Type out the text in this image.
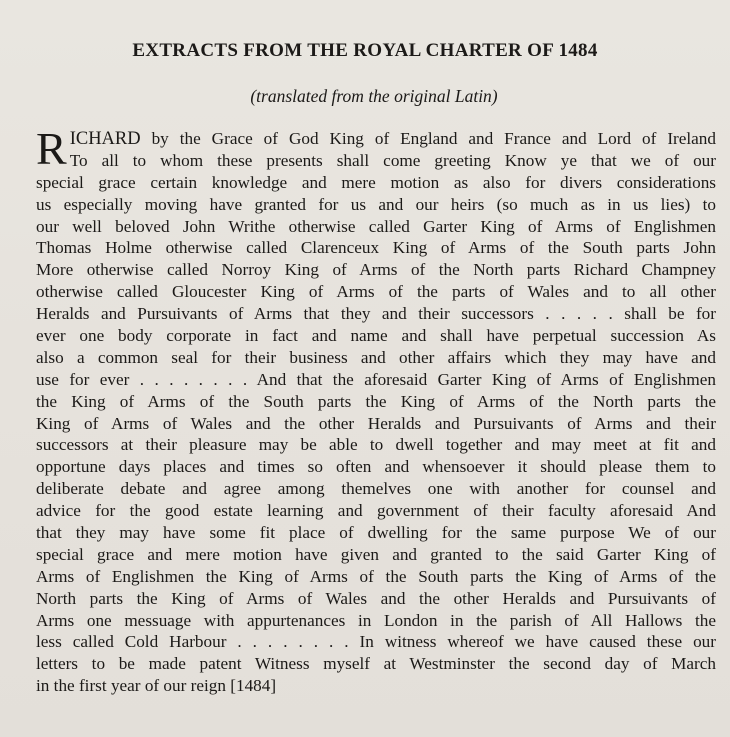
EXTRACTS FROM THE ROYAL CHARTER OF 1484
(translated from the original Latin)
R ICHARD by the Grace of God King of England and France and Lord of Ireland
To all to whom these presents shall come greeting Know ye that we of our
special grace certain knowledge and mere motion as also for divers considerations
us especially moving have granted for us and our heirs (so much as in us lies) to
our well beloved John Writhe otherwise called Garter King of Arms of Englishmen
Thomas Holme otherwise called Clarenceux King of Arms of the South parts John
More otherwise called Norroy King of Arms of the North parts Richard Champney
otherwise called Gloucester King of Arms of the parts of Wales and to all other
Heralds and Pursuivants of Arms that they and their successors . . . . . shall be for
ever one body corporate in fact and name and shall have perpetual succession As
also a common seal for their business and other affairs which they may have and
use for ever . . . . . . . . And that the aforesaid Garter King of Arms of Englishmen
the King of Arms of the South parts the King of Arms of the North parts the
King of Arms of Wales and the other Heralds and Pursuivants of Arms and their
successors at their pleasure may be able to dwell together and may meet at fit and
opportune days places and times so often and whensoever it should please them to
deliberate debate and agree among themelves one with another for counsel and
advice for the good estate learning and government of their faculty aforesaid And
that they may have some fit place of dwelling for the same purpose We of our
special grace and mere motion have given and granted to the said Garter King of
Arms of Englishmen the King of Arms of the South parts the King of Arms of the
North parts the King of Arms of Wales and the other Heralds and Pursuivants of
Arms one messuage with appurtenances in London in the parish of All Hallows the
less called Cold Harbour . . . . . . . . In witness whereof we have caused these our
letters to be made patent Witness myself at Westminster the second day of March
in the first year of our reign [1484]
